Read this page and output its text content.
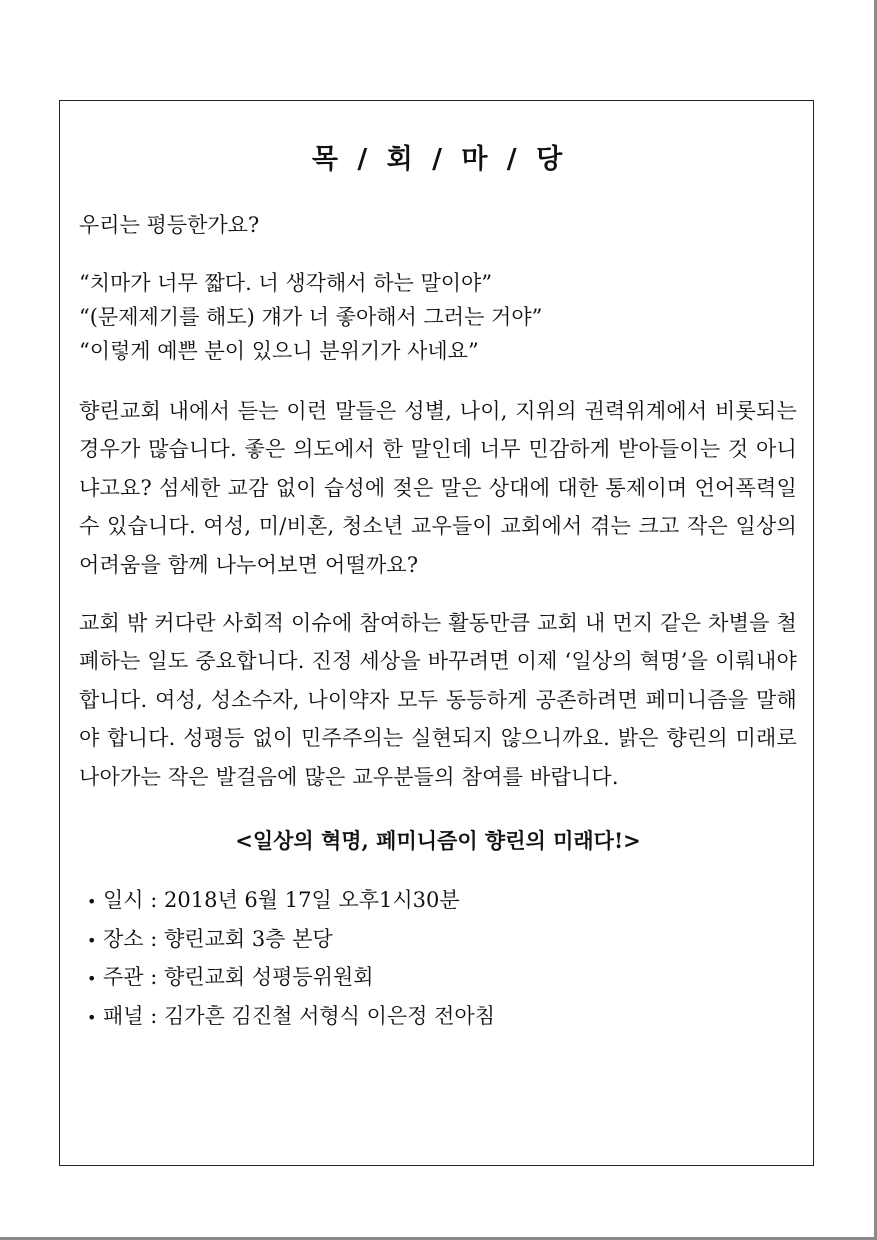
목 / 회 / 마 / 당

우리는 평등한가요?

“치마가 너무 짧다. 너 생각해서 하는 말이야”
“(문제제기를 해도) 걔가 너 좋아해서 그러는 거야”
“이렇게 예쁜 분이 있으니 분위기가 사네요”

향린교회 내에서 듣는 이런 말들은 성별, 나이, 지위의 권력위계에서 비롯되는 경우가 많습니다. 좋은 의도에서 한 말인데 너무 민감하게 받아들이는 것 아니냐고요? 섬세한 교감 없이 습성에 젖은 말은 상대에 대한 통제이며 언어폭력일 수 있습니다. 여성, 미/비혼, 청소년 교우들이 교회에서 겪는 크고 작은 일상의 어려움을 함께 나누어보면 어떨까요?

교회 밖 커다란 사회적 이슈에 참여하는 활동만큼 교회 내 먼지 같은 차별을 철폐하는 일도 중요합니다. 진정 세상을 바꾸려면 이제 ‘일상의 혁명’을 이뤄내야 합니다. 여성, 성소수자, 나이약자 모두 동등하게 공존하려면 페미니즘을 말해야 합니다. 성평등 없이 민주주의는 실현되지 않으니까요. 밝은 향린의 미래로 나아가는 작은 발걸음에 많은 교우분들의 참여를 바랍니다.

<일상의 혁명, 페미니즘이 향린의 미래다!>

• 일시 : 2018년 6월 17일 오후1시30분
• 장소 : 향린교회 3층 본당
• 주관 : 향린교회 성평등위원회
• 패널 : 김가흔 김진철 서형식 이은정 전아침
